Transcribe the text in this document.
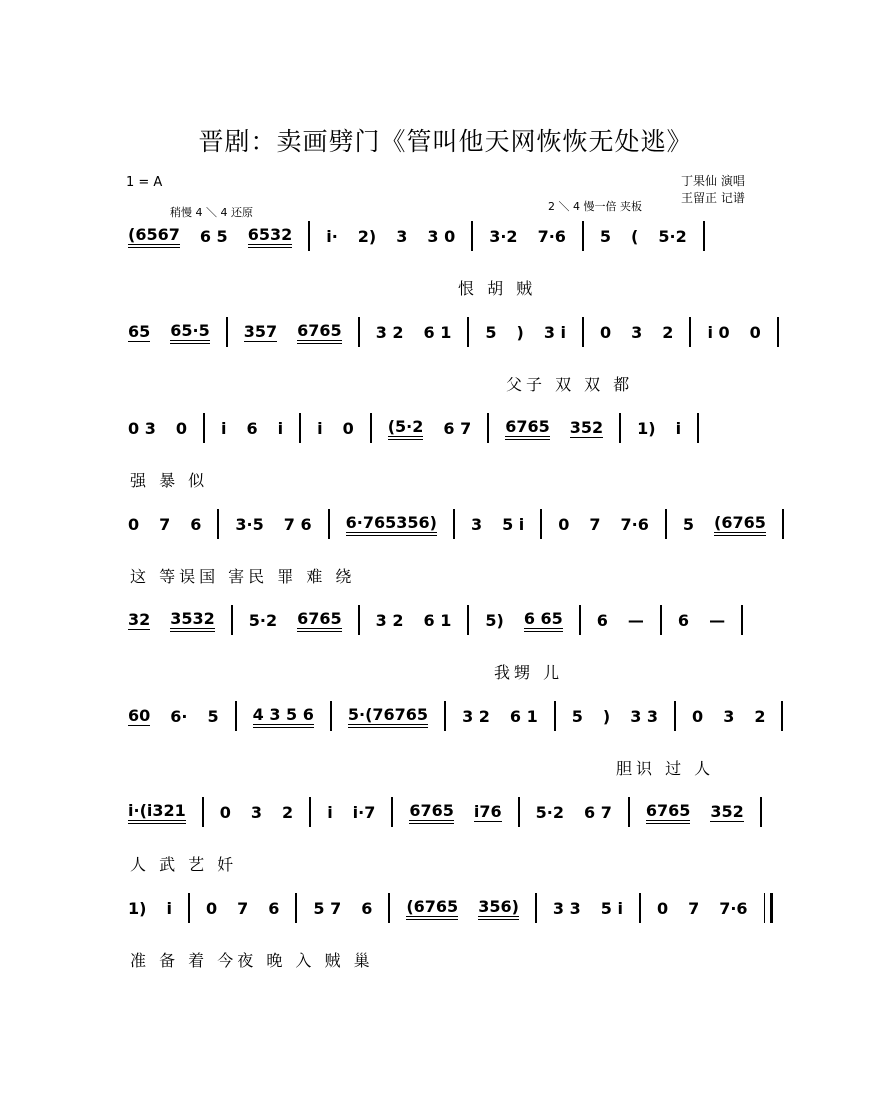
晋剧：卖画劈门《管叫他天网恢恢无处逃》
1 = A	丁果仙 演唱
王留正 记谱
稍慢 4 ＼ 4 还原	2 ＼ 4 慢一倍 夹板
(6567 6 5 6532 i· 2) 3 3 0 3·2 7·6 5 ( 5·2
恨 胡 贼
65 65·5 357 6765 3 2 6 1 5 ) 3 i 0 3 2 i 0 0
父子 双 双 都
0 3 0 i 6 i i 0 (5·2 6 7 6765 352 1) i
强 暴 似
0 7 6 3·5 7 6 6·765356) 3 5 i 0 7 7·6 5 (6765
这 等误国 害民 罪 难 绕
32 3532 5·2 6765 3 2 6 1 5) 6 65 6 — 6 —
我甥 儿
60 6· 5 4 3 5 6 5·(76765 3 2 6 1 5 ) 3 3 0 3 2
胆识 过 人
i·(i321 0 3 2 i i·7 6765 i76 5·2 6 7 6765 352
人 武 艺 奷
1) i 0 7 6 5 7 6 (6765 356) 3 3 5 i 0 7 7·6
准 备 着 今夜 晚 入 贼 巢
